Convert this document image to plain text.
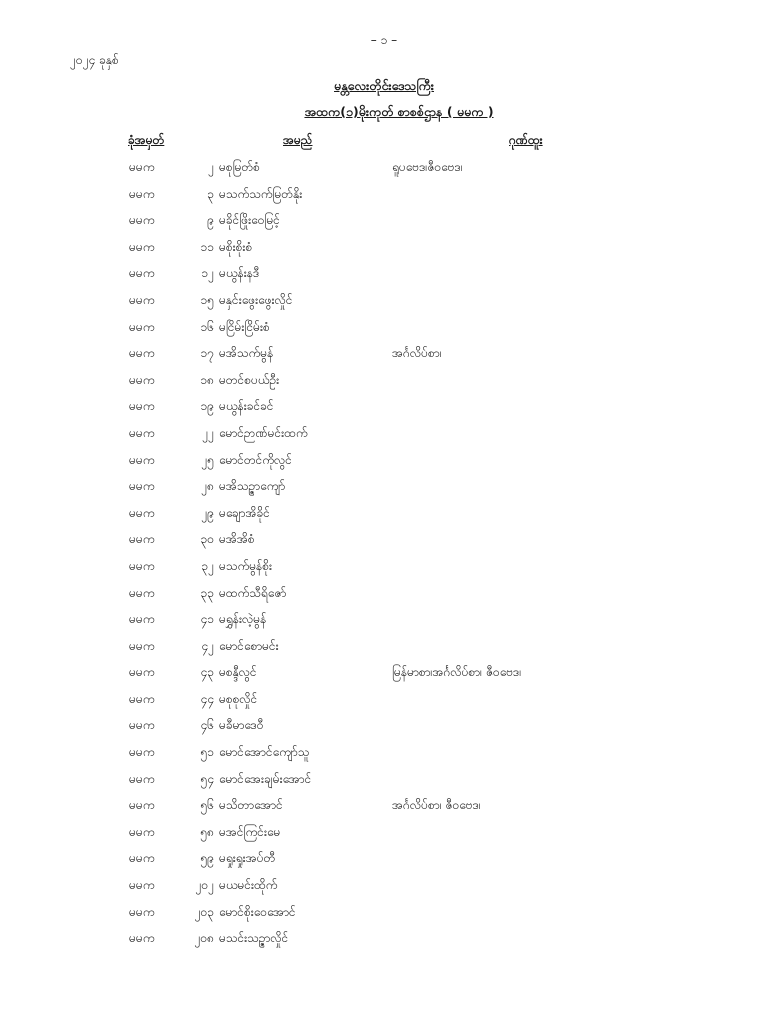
– ၁ –
၂၀၂၄ ခုနှစ်
မန္တလေးတိုင်းဒေသကြီး
အထက(၁)မိုးကုတ် စာစစ်ဌာန ( မမက )
ခုံအမှတ်	အမည်	ဂုဏ်ထူး
မမက	၂ မစုမြတ်စံ	ရူပဗေဒ၊ဇီဝဗေဒ၊
မမက	၃ မသက်သက်မြတ်နိုး
မမက	၉ မခိုင်ဖြိုးဝေမြင့်
မမက	၁၁ မစိုးစိုးစံ
မမက	၁၂ မယွန်းနဒီ
မမက	၁၅ မနှင်းဖွေးဖွေးလှိုင်
မမက	၁၆ မငြိမ်းငြိမ်းစံ
မမက	၁၇ မအိသက်မွန်	အင်္ဂလိပ်စာ၊
မမက	၁၈ မတင်စပယ်ဦး
မမက	၁၉ မယွန်းခင်ခင်
မမက	၂၂ မောင်ဉာဏ်မင်းထက်
မမက	၂၅ မောင်တင်ကိုလွင်
မမက	၂၈ မအိသဉ္ဇာကျော်
မမက	၂၉ မချောအိခိုင်
မမက	၃၀ မအိအိစံ
မမက	၃၂ မသက်မွန်စိုး
မမက	၃၃ မထက်သီရိဇော်
မမက	၄၁ မရွှန်းလဲ့မွန်
မမက	၄၂ မောင်စောမင်း
မမက	၄၃ မစန္ဒီလွင်	မြန်မာစာ၊အင်္ဂလိပ်စာ၊ ဇီဝဗေဒ၊
မမက	၄၄ မစုစုလှိုင်
မမက	၄၆ မခီမာဒေဝီ
မမက	၅၁ မောင်အောင်ကျော်သူ
မမက	၅၄ မောင်အေးချမ်းအောင်
မမက	၅၆ မသိတာအောင်	အင်္ဂလိပ်စာ၊ ဇီဝဗေဒ၊
မမက	၅၈ မအင်ကြင်းမေ
မမက	၅၉ မရှုးရှုးအပ်တီ
မမက	၂၀၂ မယမင်းထိုက်
မမက	၂၀၃ မောင်စိုးဝေအောင်
မမက	၂၀၈ မသင်းသဉ္ဇာလှိုင်
